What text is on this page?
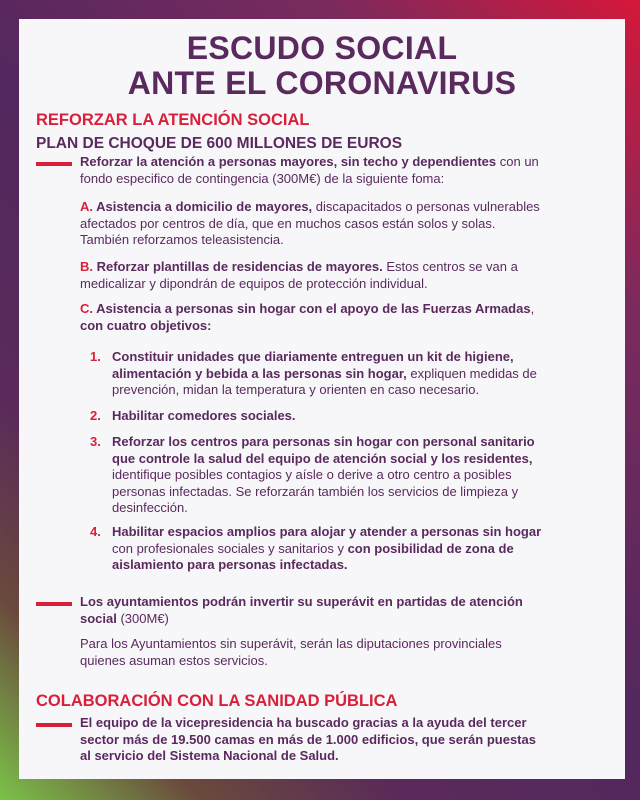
ESCUDO SOCIAL
ANTE EL CORONAVIRUS
REFORZAR LA ATENCIÓN SOCIAL
PLAN DE CHOQUE DE 600 MILLONES DE EUROS
Reforzar la atención a personas mayores, sin techo y dependientes con un
fondo especifico de contingencia (300M€) de la siguiente foma:
A. Asistencia a domicilio de mayores, discapacitados o personas vulnerables
afectados por centros de día, que en muchos casos están solos y solas.
También reforzamos teleasistencia.
B. Reforzar plantillas de residencias de mayores. Estos centros se van a
medicalizar y dipondrán de equipos de protección individual.
C. Asistencia a personas sin hogar con el apoyo de las Fuerzas Armadas,
con cuatro objetivos:
1. Constituir unidades que diariamente entreguen un kit de higiene,
alimentación y bebida a las personas sin hogar, expliquen medidas de
prevención, midan la temperatura y orienten en caso necesario.
2. Habilitar comedores sociales.
3. Reforzar los centros para personas sin hogar con personal sanitario
que controle la salud del equipo de atención social y los residentes,
identifique posibles contagios y aísle o derive a otro centro a posibles
personas infectadas. Se reforzarán también los servicios de limpieza y
desinfección.
4. Habilitar espacios amplios para alojar y atender a personas sin hogar
con profesionales sociales y sanitarios y con posibilidad de zona de
aislamiento para personas infectadas.
Los ayuntamientos podrán invertir su superávit en partidas de atención
social (300M€)
Para los Ayuntamientos sin superávit, serán las diputaciones provinciales
quienes asuman estos servicios.
COLABORACIÓN CON LA SANIDAD PÚBLICA
El equipo de la vicepresidencia ha buscado gracias a la ayuda del tercer
sector más de 19.500 camas en más de 1.000 edificios, que serán puestas
al servicio del Sistema Nacional de Salud.
